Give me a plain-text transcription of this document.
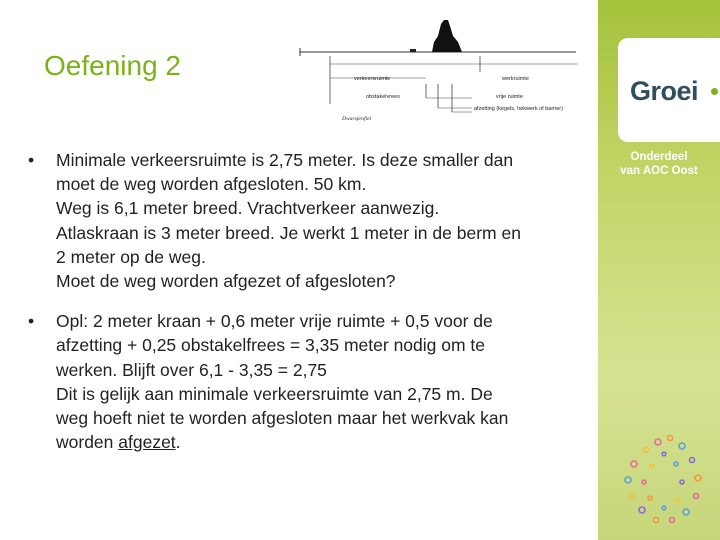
Oefening 2	verkeersruimte	werkruimte
obstakelvrees	vrije ruimte
afzetting (kegels, hekwerk of barrier)
Dwarsprofiel
• Minimale verkeersruimte is 2,75 meter. Is deze smaller dan

moet de weg worden afgesloten. 50 km.

Weg is 6,1 meter breed. Vrachtverkeer aanwezig.

Atlaskraan is 3 meter breed. Je werkt 1 meter in de berm en

2 meter op de weg.

Moet de weg worden afgezet of afgesloten?

• Opl: 2 meter kraan + 0,6 meter vrije ruimte + 0,5 voor de

afzetting + 0,25 obstakelfrees = 3,35 meter nodig om te

werken. Blijft over 6,1 - 3,35 = 2,75

Dit is gelijk aan minimale verkeersruimte van 2,75 m. De

weg hoeft niet te worden afgesloten maar het werkvak kan

worden afgezet.

Groei

Onderdeel

van AOC Oost
